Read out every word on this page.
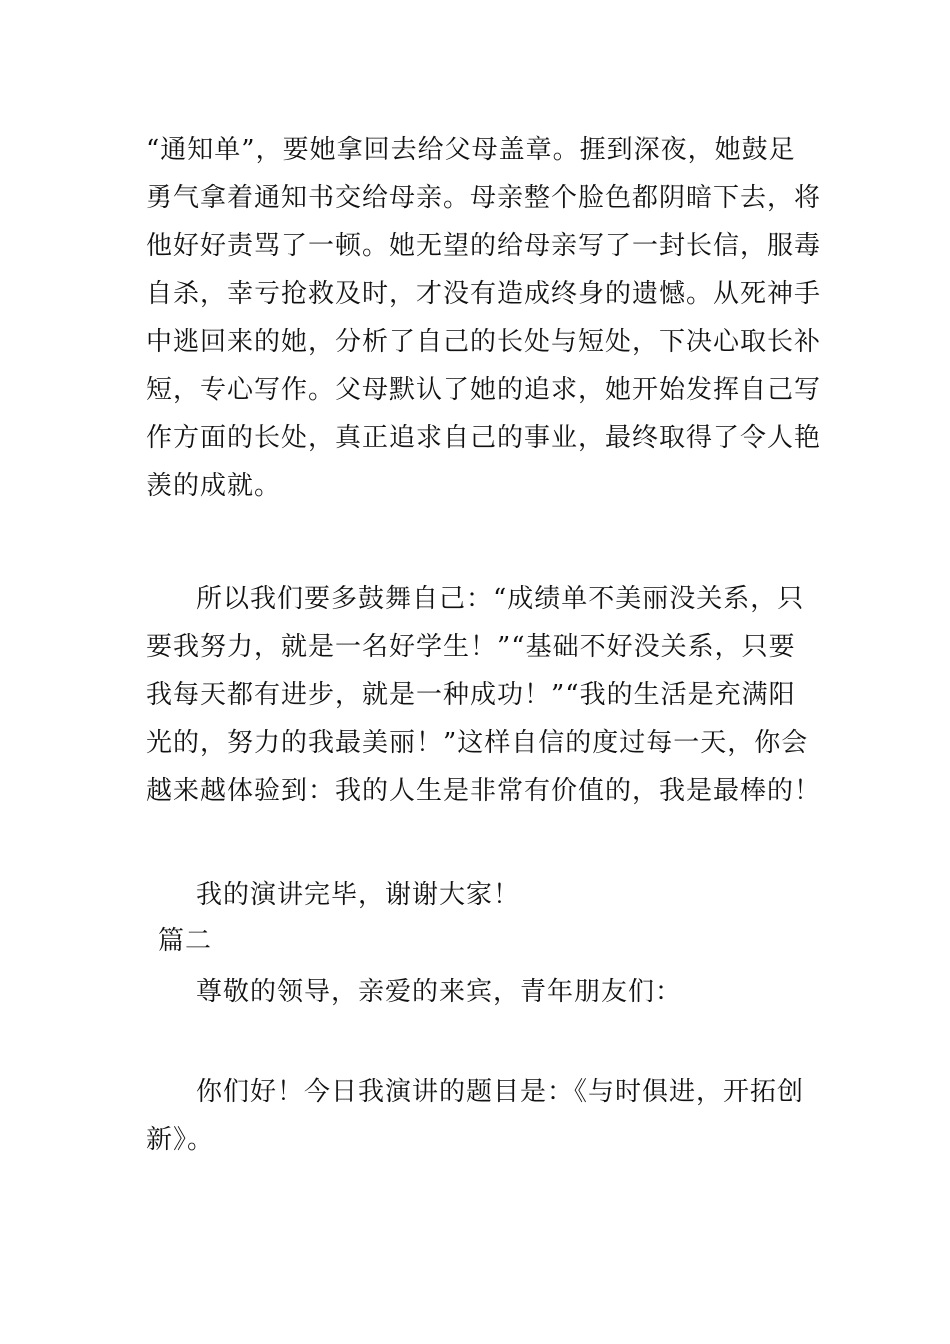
“通知单”，要她拿回去给父母盖章。捱到深夜，她鼓足
勇气拿着通知书交给母亲。母亲整个脸色都阴暗下去，将
他好好责骂了一顿。她无望的给母亲写了一封长信，服毒
自杀，幸亏抢救及时，才没有造成终身的遗憾。从死神手
中逃回来的她，分析了自己的长处与短处，下决心取长补
短，专心写作。父母默认了她的追求，她开始发挥自己写
作方面的长处，真正追求自己的事业，最终取得了令人艳
羡的成就。
所以我们要多鼓舞自己：“成绩单不美丽没关系，只
要我努力，就是一名好学生！”“基础不好没关系，只要
我每天都有进步，就是一种成功！”“我的生活是充满阳
光的，努力的我最美丽！”这样自信的度过每一天，你会
越来越体验到：我的人生是非常有价值的，我是最棒的！
我的演讲完毕，谢谢大家！
篇二
尊敬的领导，亲爱的来宾，青年朋友们：
你们好！今日我演讲的题目是：《与时俱进，开拓创
新》。
